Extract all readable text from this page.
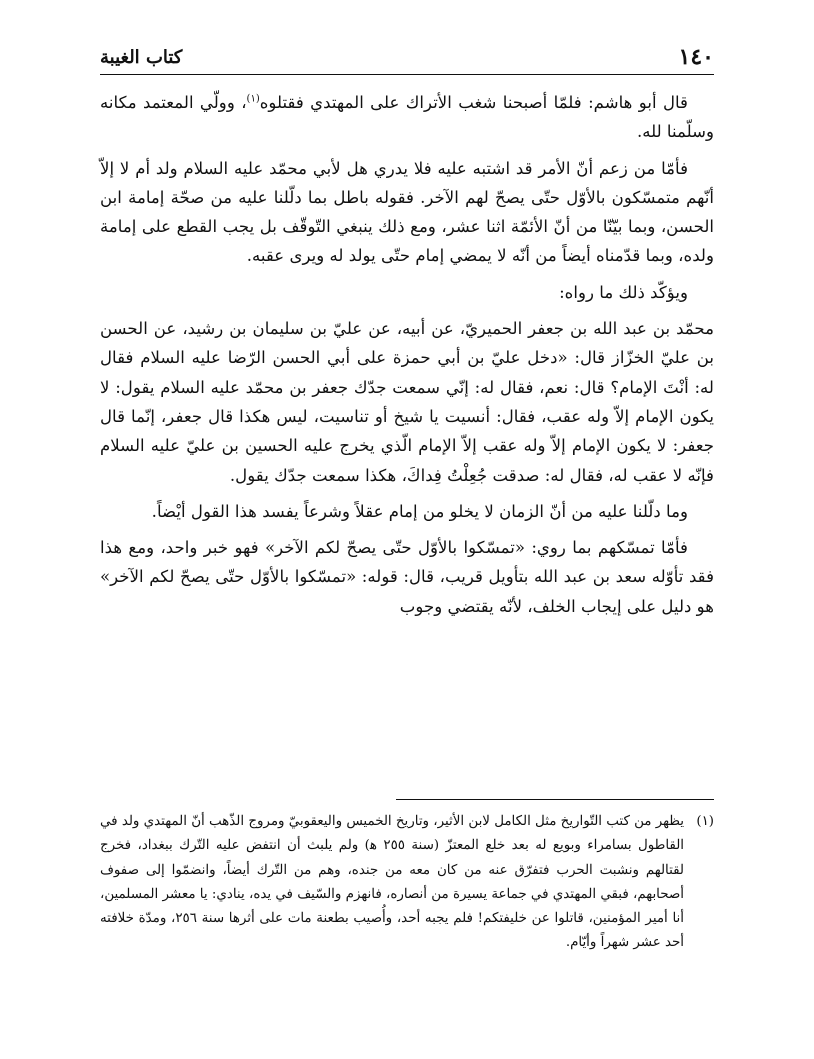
١٤٠
كتاب الغيبة

قال أبو هاشم: فلمّا أصبحنا شغب الأتراك على المهتدي فقتلوه$^{(١)}$، وولّي المعتمد مكانه وسلّمنا لله.

فأمّا من زعم أنّ الأمر قد اشتبه عليه فلا يدري هل لأبي محمّد عليه السلام ولد أم لا إلاّ أنّهم متمسّكون بالأوّل حتّى يصحّ لهم الآخر. فقوله باطل بما دلّلنا عليه من صحّة إمامة ابن الحسن، وبما بيّنّا من أنّ الأئمّة اثنا عشر، ومع ذلك ينبغي التّوقّف بل يجب القطع على إمامة ولده، وبما قدّمناه أيضاً من أنّه لا يمضي إمام حتّى يولد له ويرى عقبه.

ويؤكّد ذلك ما رواه:

محمّد بن عبد الله بن جعفر الحميريّ، عن أبيه، عن عليّ بن سليمان بن رشيد، عن الحسن بن عليّ الخزّاز قال: «دخل عليّ بن أبي حمزة على أبي الحسن الرّضا عليه السلام فقال له: أنْتَ الإمام؟ قال: نعم، فقال له: إنّي سمعت جدّك جعفر بن محمّد عليه السلام يقول: لا يكون الإمام إلاّ وله عقب، فقال: أنسيت يا شيخ أو تناسيت، ليس هكذا قال جعفر، إنّما قال جعفر: لا يكون الإمام إلاّ وله عقب إلاّ الإمام الّذي يخرج عليه الحسين بن عليّ عليه السلام فإنّه لا عقب له، فقال له: صدقت جُعِلْتُ فِداكَ، هكذا سمعت جدّك يقول.

وما دلّلنا عليه من أنّ الزمان لا يخلو من إمام عقلاً وشرعاً يفسد هذا القول أيْضاً.

فأمّا تمسّكهم بما روي: «تمسّكوا بالأوّل حتّى يصحّ لكم الآخر» فهو خبر واحد، ومع هذا فقد تأوّله سعد بن عبد الله بتأويل قريب، قال: قوله: «تمسّكوا بالأوّل حتّى يصحّ لكم الآخر» هو دليل على إيجاب الخلف، لأنّه يقتضي وجوب

(١)
يظهر من كتب التّواريخ مثل الكامل لابن الأثير، وتاريخ الخميس واليعقوبيّ ومروج الذّهب أنّ المهتدي ولد في القاطول بسامراء وبويع له بعد خلع المعتزّ (سنة ٢٥٥ ﻫ) ولم يلبث أن انتفض عليه التّرك ببغداد، فخرج لقتالهم ونشبت الحرب فتفرّق عنه من كان معه من جنده، وهم من التّرك أيضاً، وانضمّوا إلى صفوف أصحابهم، فبقي المهتدي في جماعة يسيرة من أنصاره، فانهزم والسّيف في يده، ينادي: يا معشر المسلمين، أنا أمير المؤمنين، قاتلوا عن خليفتكم! فلم يجبه أحد، وأُصيب بطعنة مات على أثرها سنة ٢٥٦، ومدّة خلافته أحد عشر شهراً وأيّام.
